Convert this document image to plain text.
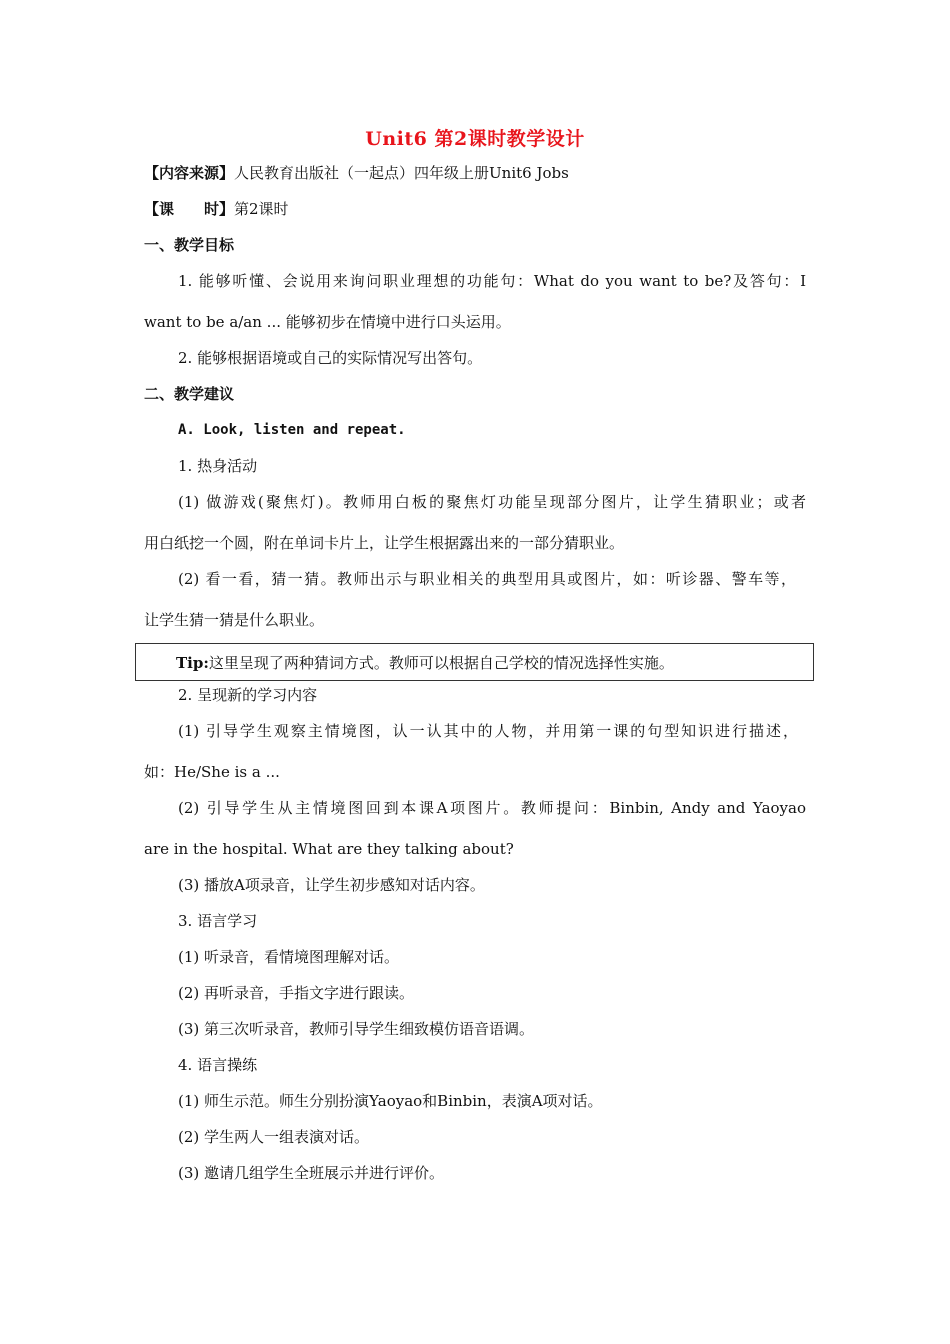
Unit6 第2课时教学设计
【内容来源】人民教育出版社（一起点）四年级上册Unit6 Jobs
【课　　时】第2课时
一、教学目标
1. 能够听懂、会说用来询问职业理想的功能句：What do you want to be?及答句：I
want to be a/an ... 能够初步在情境中进行口头运用。
2. 能够根据语境或自己的实际情况写出答句。
二、教学建议
A. Look, listen and repeat.
1. 热身活动
(1) 做游戏(聚焦灯)。教师用白板的聚焦灯功能呈现部分图片，让学生猜职业；或者
用白纸挖一个圆，附在单词卡片上，让学生根据露出来的一部分猜职业。
(2) 看一看，猜一猜。教师出示与职业相关的典型用具或图片，如：听诊器、警车等，
让学生猜一猜是什么职业。
Tip:这里呈现了两种猜词方式。教师可以根据自己学校的情况选择性实施。
2. 呈现新的学习内容
(1) 引导学生观察主情境图，认一认其中的人物，并用第一课的句型知识进行描述，
如：He/She is a ...
(2) 引导学生从主情境图回到本课A项图片。教师提问：Binbin, Andy and Yaoyao
are in the hospital. What are they talking about?
(3) 播放A项录音，让学生初步感知对话内容。
3. 语言学习
(1) 听录音，看情境图理解对话。
(2) 再听录音，手指文字进行跟读。
(3) 第三次听录音，教师引导学生细致模仿语音语调。
4. 语言操练
(1) 师生示范。师生分别扮演Yaoyao和Binbin，表演A项对话。
(2) 学生两人一组表演对话。
(3) 邀请几组学生全班展示并进行评价。
